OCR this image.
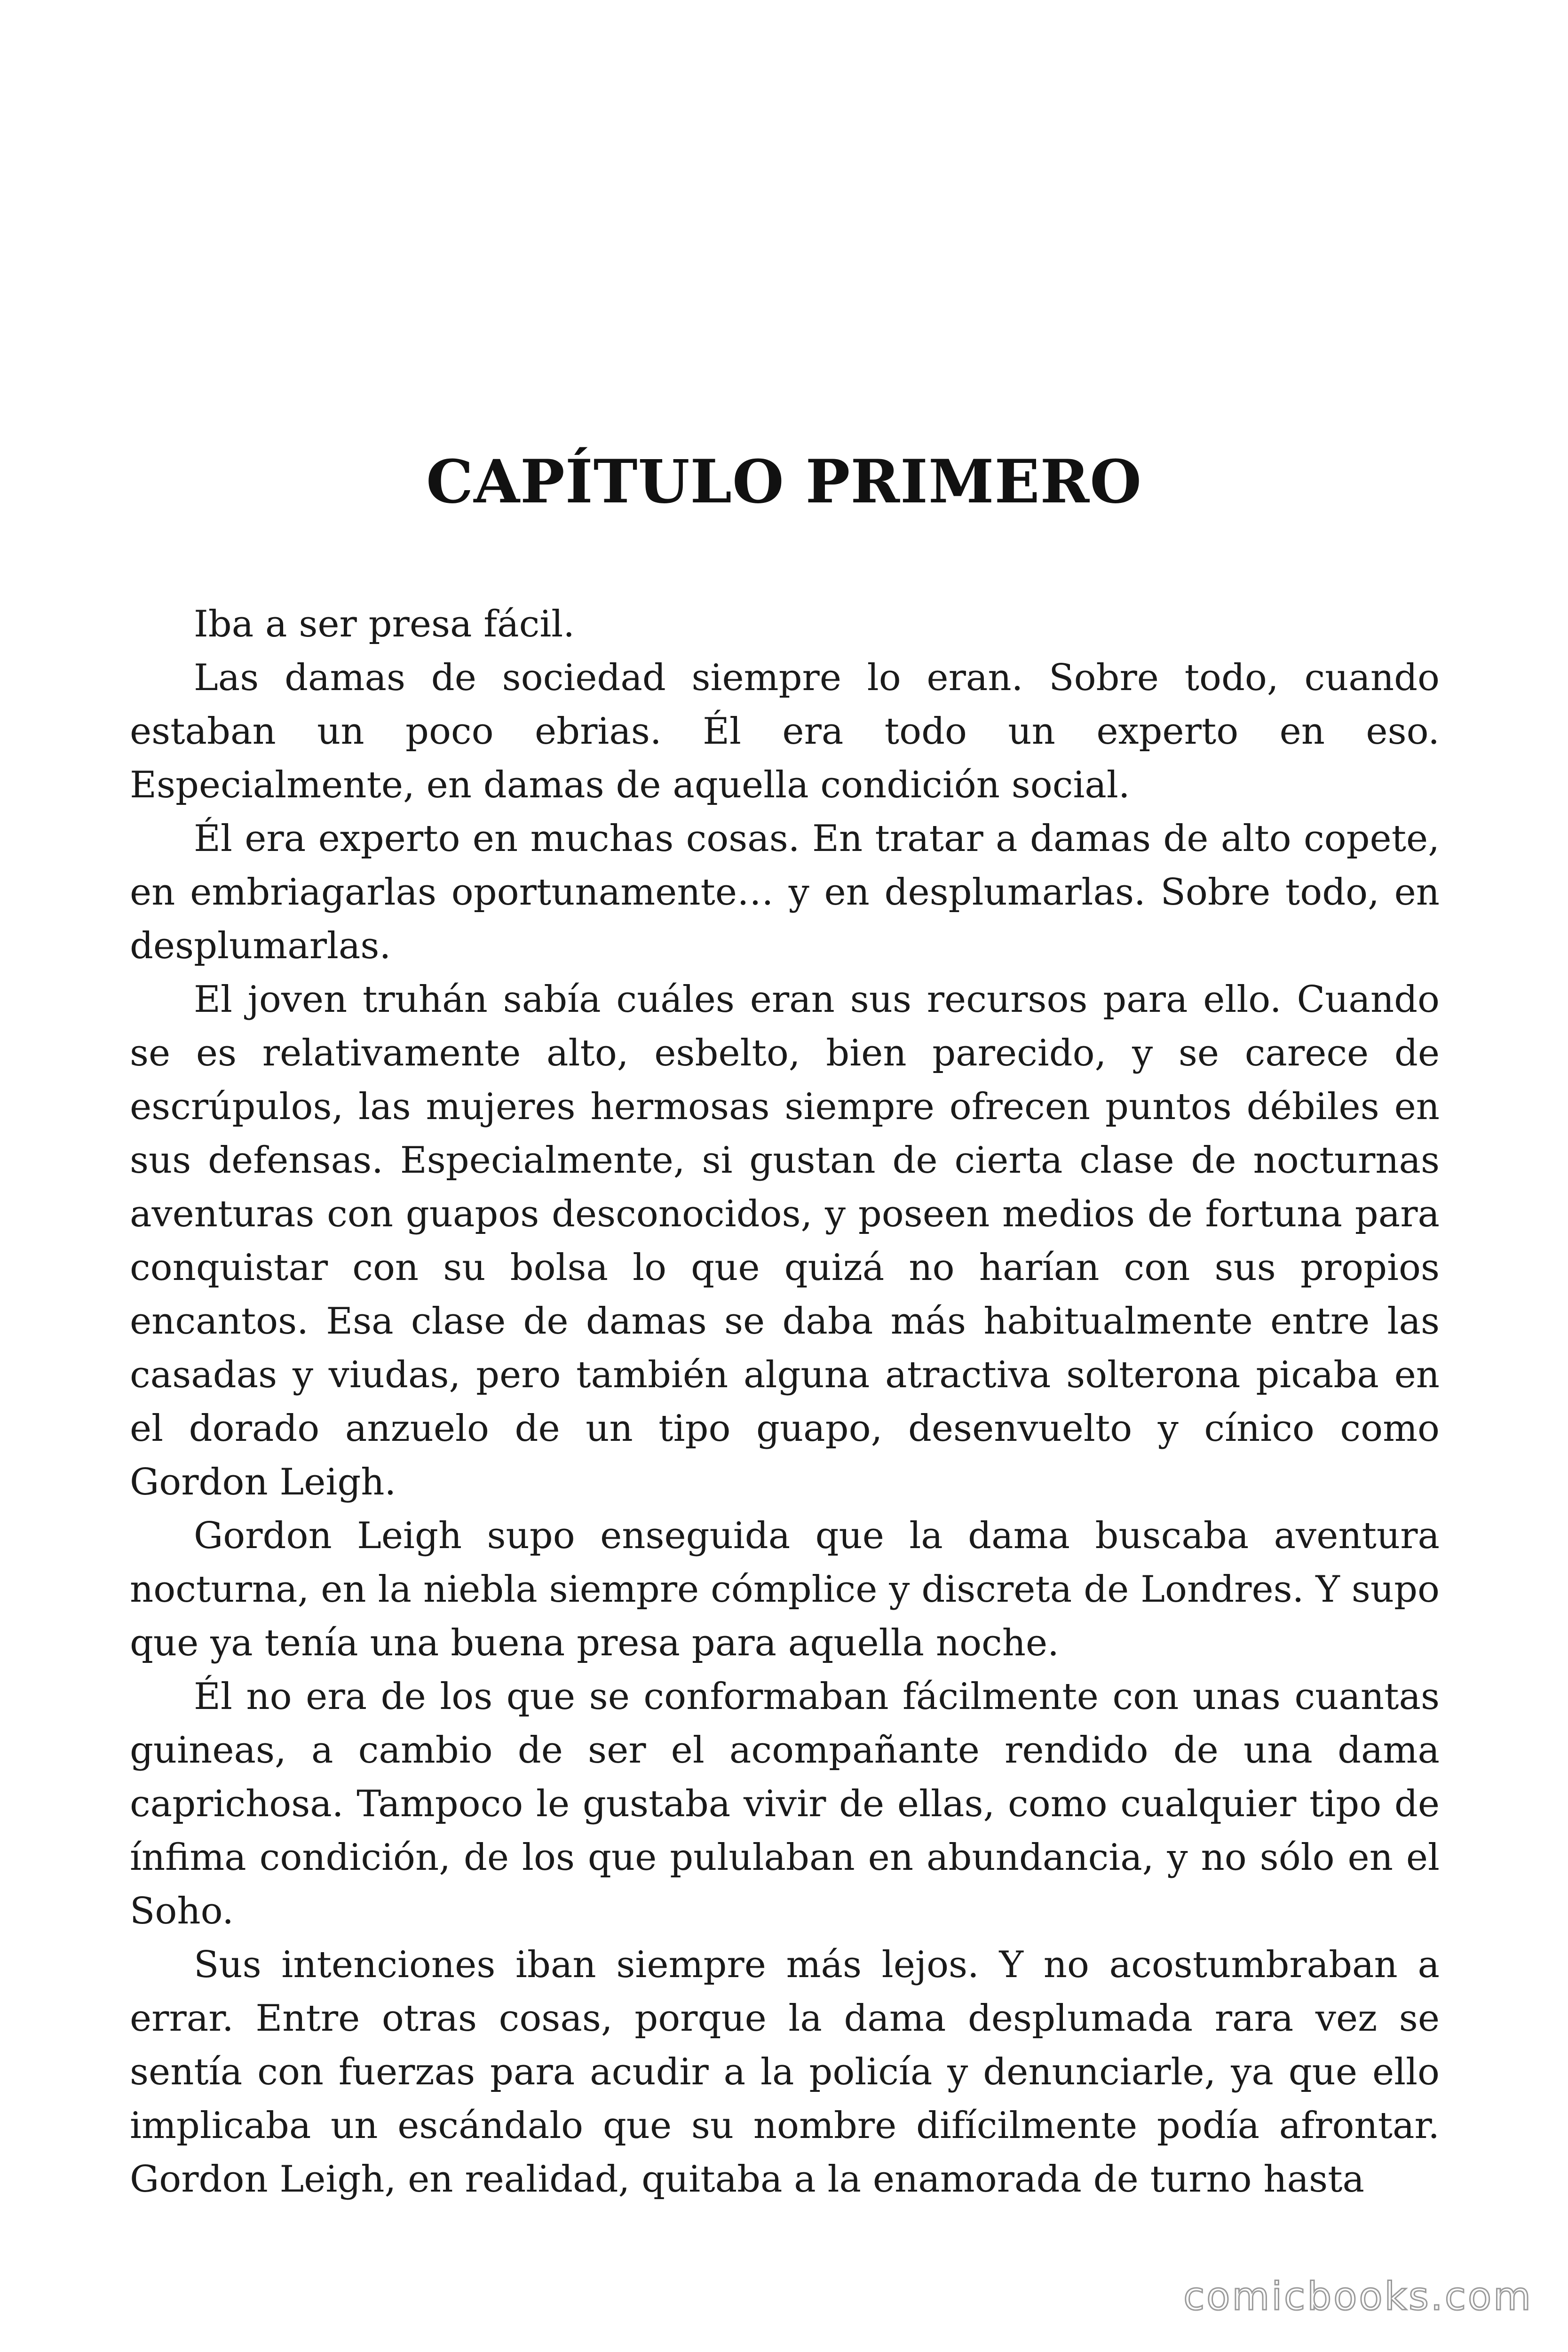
CAPÍTULO PRIMERO

Iba a ser presa fácil.

Las damas de sociedad siempre lo eran. Sobre todo, cuando estaban un poco ebrias. Él era todo un experto en eso. Especialmente, en damas de aquella condición social.

Él era experto en muchas cosas. En tratar a damas de alto copete, en embriagarlas oportunamente… y en desplumarlas. Sobre todo, en desplumarlas.

El joven truhán sabía cuáles eran sus recursos para ello. Cuando se es relativamente alto, esbelto, bien parecido, y se carece de escrúpulos, las mujeres hermosas siempre ofrecen puntos débiles en sus defensas. Especialmente, si gustan de cierta clase de nocturnas aventuras con guapos desconocidos, y poseen medios de fortuna para conquistar con su bolsa lo que quizá no harían con sus propios encantos. Esa clase de damas se daba más habitualmente entre las casadas y viudas, pero también alguna atractiva solterona picaba en el dorado anzuelo de un tipo guapo, desenvuelto y cínico como Gordon Leigh.

Gordon Leigh supo enseguida que la dama buscaba aventura nocturna, en la niebla siempre cómplice y discreta de Londres. Y supo que ya tenía una buena presa para aquella noche.

Él no era de los que se conformaban fácilmente con unas cuantas guineas, a cambio de ser el acompañante rendido de una dama caprichosa. Tampoco le gustaba vivir de ellas, como cualquier tipo de ínfima condición, de los que pululaban en abundancia, y no sólo en el Soho.

Sus intenciones iban siempre más lejos. Y no acostumbraban a errar. Entre otras cosas, porque la dama desplumada rara vez se sentía con fuerzas para acudir a la policía y denunciarle, ya que ello implicaba un escándalo que su nombre difícilmente podía afrontar. Gordon Leigh, en realidad, quitaba a la enamorada de turno hasta

comicbooks.com
